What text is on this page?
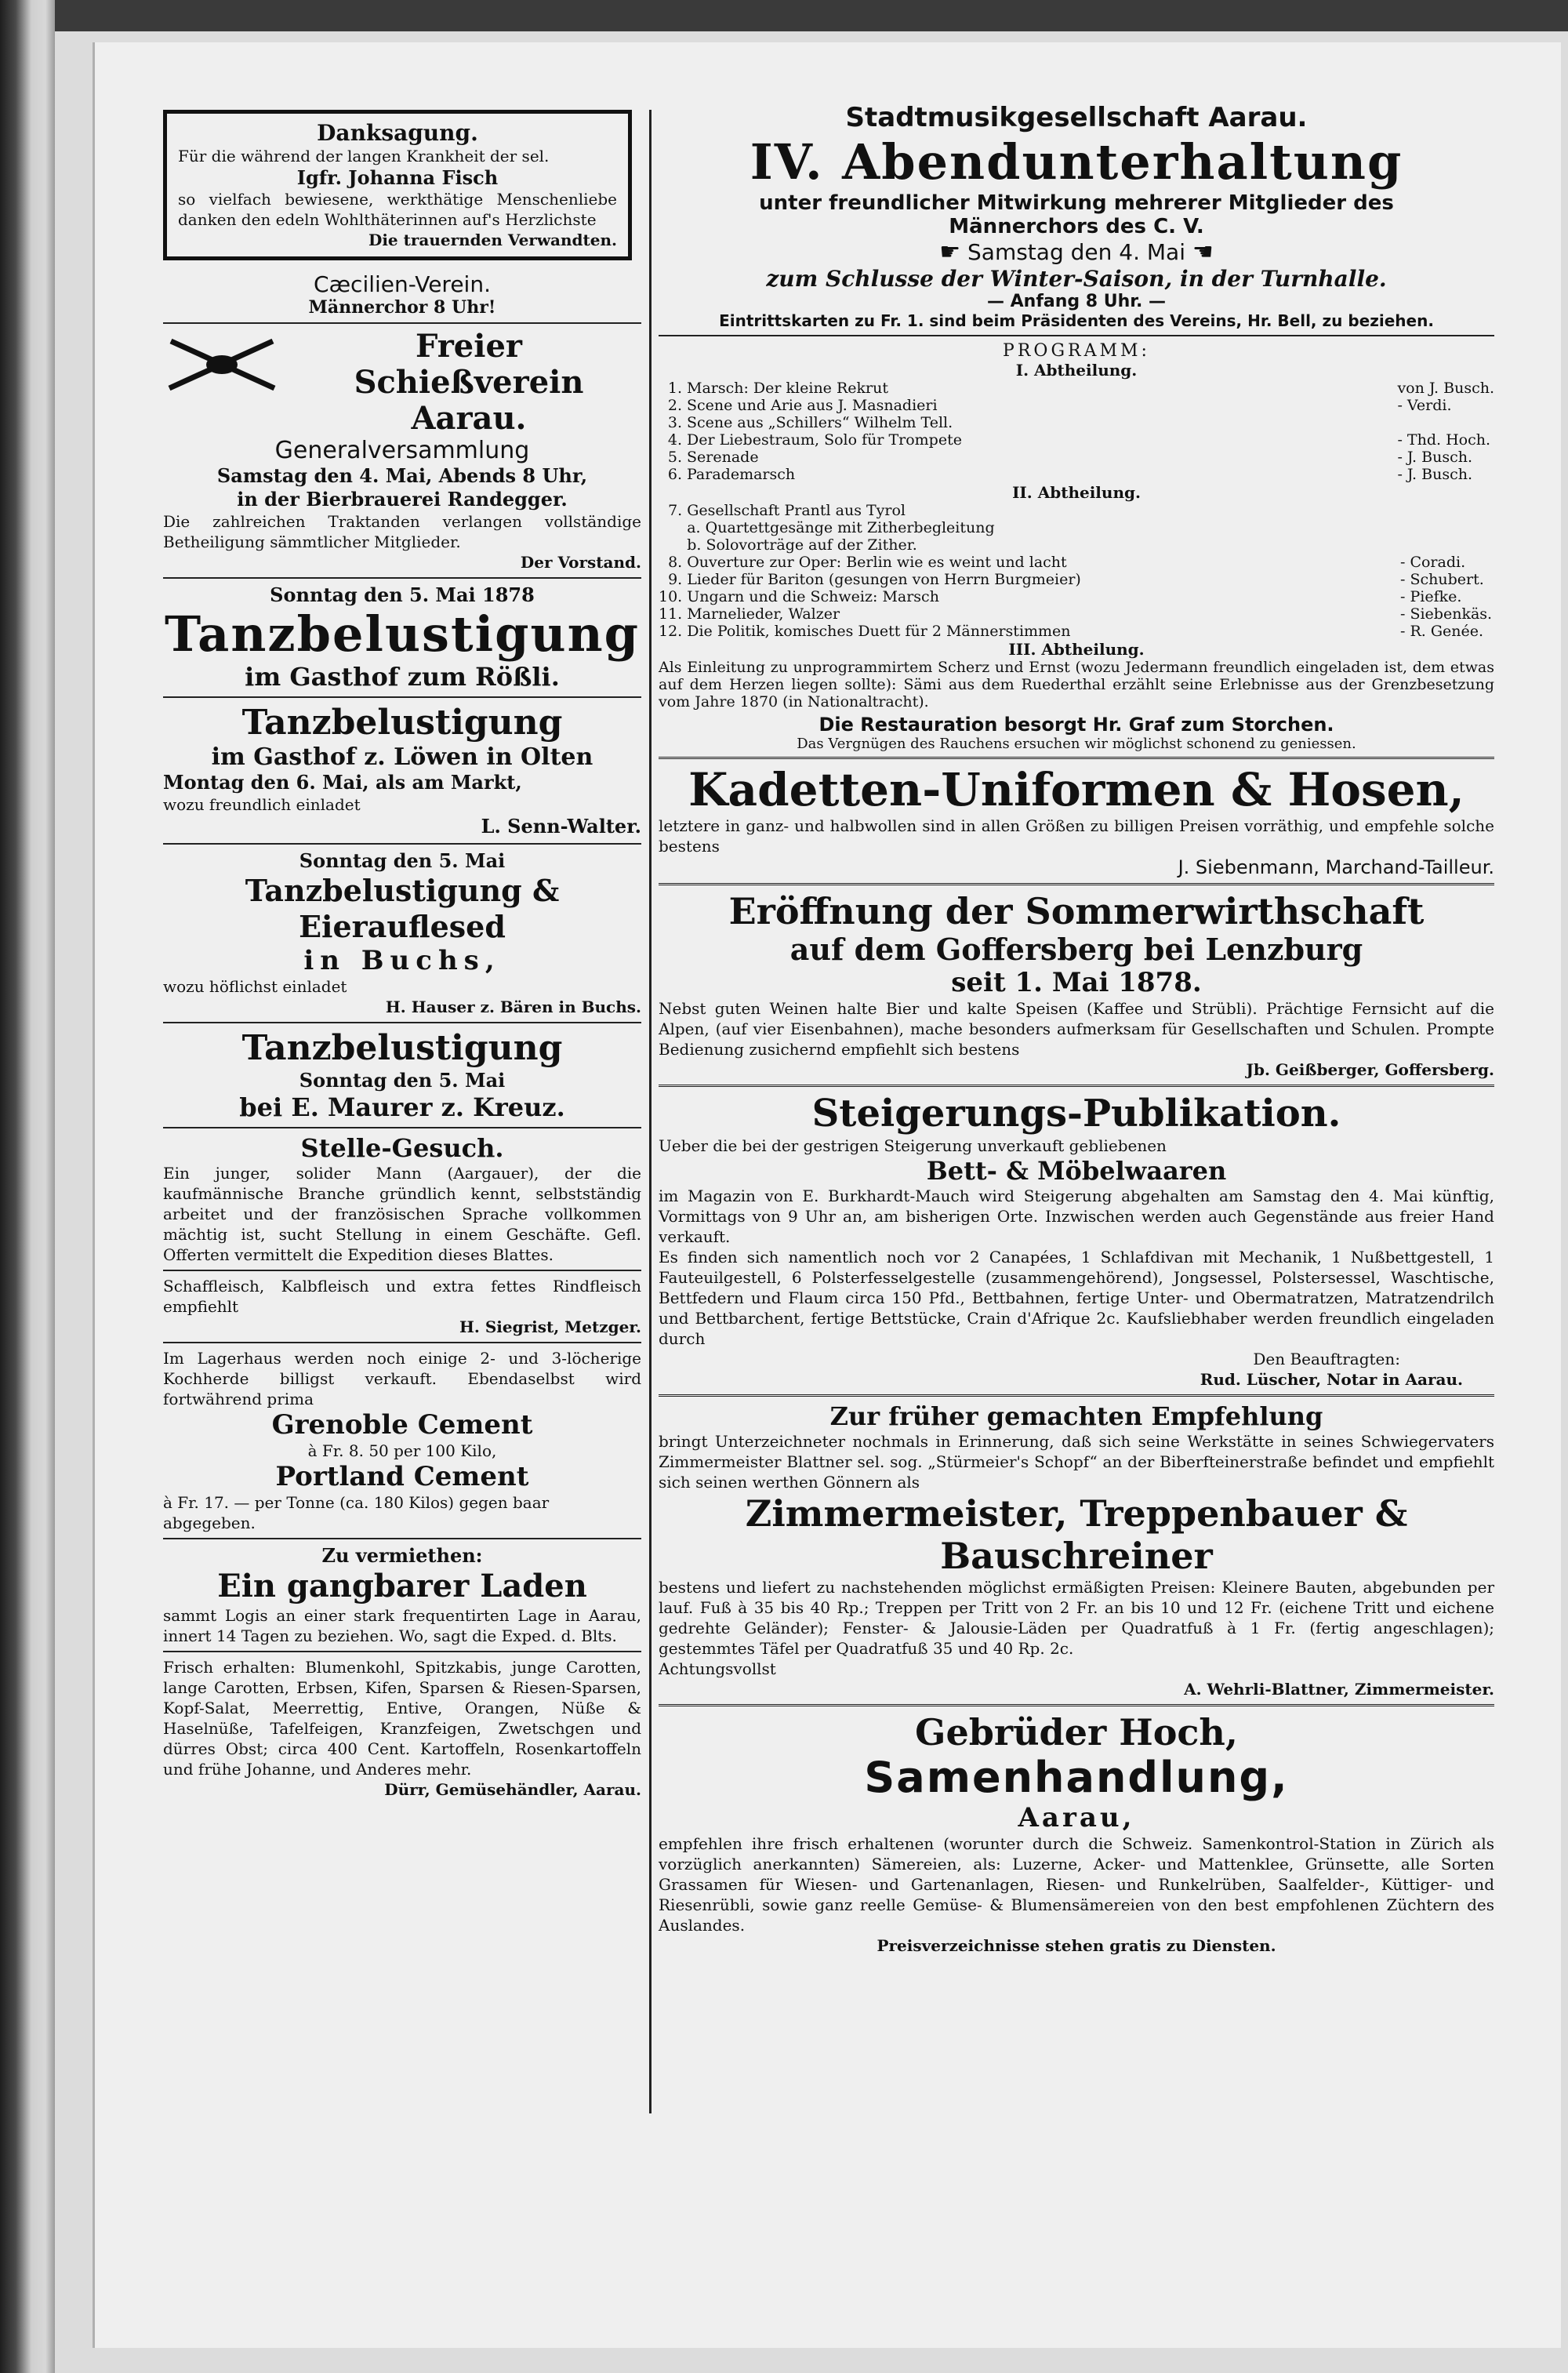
Danksagung.
Für die während der langen Krankheit der sel.
Igfr. Johanna Fisch
so vielfach bewiesene, werkthätige Menschenliebe danken den edeln Wohlthäterinnen auf's Herzlichste
Die trauernden Verwandten.
Cæcilien-Verein.
Männerchor 8 Uhr!
Freier Schießverein
Aarau.
Generalversammlung
Samstag den 4. Mai, Abends 8 Uhr,
in der Bierbrauerei Randegger.
Die zahlreichen Traktanden verlangen vollständige Betheiligung sämmtlicher Mitglieder.
Der Vorstand.
Sonntag den 5. Mai 1878
Tanzbelustigung
im Gasthof zum Rößli.
Tanzbelustigung
im Gasthof z. Löwen in Olten
Montag den 6. Mai, als am Markt,
wozu freundlich einladet
L. Senn-Walter.
Sonntag den 5. Mai
Tanzbelustigung & Eierauflesed
in Buchs,
wozu höflichst einladet
H. Hauser z. Bären in Buchs.
Tanzbelustigung
Sonntag den 5. Mai
bei E. Maurer z. Kreuz.
Stelle-Gesuch.
Ein junger, solider Mann (Aargauer), der die kaufmännische Branche gründlich kennt, selbstständig arbeitet und der französischen Sprache vollkommen mächtig ist, sucht Stellung in einem Geschäfte. Gefl. Offerten vermittelt die Expedition dieses Blattes.
Schaffleisch, Kalbfleisch und extra fettes Rindfleisch empfiehlt
H. Siegrist, Metzger.
Im Lagerhaus werden noch einige 2- und 3-löcherige Kochherde billigst verkauft. Ebendaselbst wird fortwährend prima
Grenoble Cement
à Fr. 8. 50 per 100 Kilo,
Portland Cement
à Fr. 17. — per Tonne (ca. 180 Kilos) gegen baar abgegeben.
Zu vermiethen:
Ein gangbarer Laden
sammt Logis an einer stark frequentirten Lage in Aarau, innert 14 Tagen zu beziehen. Wo, sagt die Exped. d. Blts.
Frisch erhalten: Blumenkohl, Spitzkabis, junge Carotten, lange Carotten, Erbsen, Kifen, Sparsen & Riesen-Sparsen, Kopf-Salat, Meerrettig, Entive, Orangen, Nüße & Haselnüße, Tafelfeigen, Kranzfeigen, Zwetschgen und dürres Obst; circa 400 Cent. Kartoffeln, Rosenkartoffeln und frühe Johanne, und Anderes mehr.
Dürr, Gemüsehändler, Aarau.
Stadtmusikgesellschaft Aarau.
IV. Abendunterhaltung
unter freundlicher Mitwirkung mehrerer Mitglieder des
Männerchors des C. V.
☛ Samstag den 4. Mai ☚
zum Schlusse der Winter-Saison, in der Turnhalle.
— Anfang 8 Uhr. —
Eintrittskarten zu Fr. 1. sind beim Präsidenten des Vereins, Hr. Bell, zu beziehen.
PROGRAMM:
I. Abtheilung.
1.	Marsch: Der kleine Rekrut	von J. Busch.
2.	Scene und Arie aus J. Masnadieri	- Verdi.
3.	Scene aus „Schillers“ Wilhelm Tell.	
4.	Der Liebestraum, Solo für Trompete	- Thd. Hoch.
5.	Serenade	- J. Busch.
6.	Parademarsch	- J. Busch.
II. Abtheilung.
7.	Gesellschaft Prantl aus Tyrol	
	a. Quartettgesänge mit Zitherbegleitung	
	b. Solovorträge auf der Zither.	
8.	Ouverture zur Oper: Berlin wie es weint und lacht	- Coradi.
9.	Lieder für Bariton (gesungen von Herrn Burgmeier)	- Schubert.
10.	Ungarn und die Schweiz: Marsch	- Piefke.
11.	Marnelieder, Walzer	- Siebenkäs.
12.	Die Politik, komisches Duett für 2 Männerstimmen	- R. Genée.
III. Abtheilung.
Als Einleitung zu unprogrammirtem Scherz und Ernst (wozu Jedermann freundlich eingeladen ist, dem etwas auf dem Herzen liegen sollte): Sämi aus dem Ruederthal erzählt seine Erlebnisse aus der Grenzbesetzung vom Jahre 1870 (in Nationaltracht).
Die Restauration besorgt Hr. Graf zum Storchen.
Das Vergnügen des Rauchens ersuchen wir möglichst schonend zu geniessen.
Kadetten-Uniformen & Hosen,
letztere in ganz- und halbwollen sind in allen Größen zu billigen Preisen vorräthig, und empfehle solche bestens
J. Siebenmann, Marchand-Tailleur.
Eröffnung der Sommerwirthschaft
auf dem Goffersberg bei Lenzburg
seit 1. Mai 1878.
Nebst guten Weinen halte Bier und kalte Speisen (Kaffee und Strübli). Prächtige Fernsicht auf die Alpen, (auf vier Eisenbahnen), mache besonders aufmerksam für Gesellschaften und Schulen. Prompte Bedienung zusichernd empfiehlt sich bestens
Jb. Geißberger, Goffersberg.
Steigerungs-Publikation.
Ueber die bei der gestrigen Steigerung unverkauft gebliebenen
Bett- & Möbelwaaren
im Magazin von E. Burkhardt-Mauch wird Steigerung abgehalten am Samstag den 4. Mai künftig, Vormittags von 9 Uhr an, am bisherigen Orte. Inzwischen werden auch Gegenstände aus freier Hand verkauft.
Es finden sich namentlich noch vor 2 Canapées, 1 Schlafdivan mit Mechanik, 1 Nußbettgestell, 1 Fauteuilgestell, 6 Polsterfesselgestelle (zusammengehörend), Jongsessel, Polstersessel, Waschtische, Bettfedern und Flaum circa 150 Pfd., Bettbahnen, fertige Unter- und Obermatratzen, Matratzendrilch und Bettbarchent, fertige Bettstücke, Crain d'Afrique 2c. Kaufsliebhaber werden freundlich eingeladen durch
Den Beauftragten:
Rud. Lüscher, Notar in Aarau.
Zur früher gemachten Empfehlung
bringt Unterzeichneter nochmals in Erinnerung, daß sich seine Werkstätte in seines Schwiegervaters Zimmermeister Blattner sel. sog. „Stürmeier's Schopf“ an der Biberfteinerstraße befindet und empfiehlt sich seinen werthen Gönnern als
Zimmermeister, Treppenbauer & Bauschreiner
bestens und liefert zu nachstehenden möglichst ermäßigten Preisen: Kleinere Bauten, abgebunden per lauf. Fuß à 35 bis 40 Rp.; Treppen per Tritt von 2 Fr. an bis 10 und 12 Fr. (eichene Tritt und eichene gedrehte Geländer); Fenster- & Jalousie-Läden per Quadratfuß à 1 Fr. (fertig angeschlagen); gestemmtes Täfel per Quadratfuß 35 und 40 Rp. 2c.
Achtungsvollst
A. Wehrli-Blattner, Zimmermeister.
Gebrüder Hoch,
Samenhandlung,
Aarau,
empfehlen ihre frisch erhaltenen (worunter durch die Schweiz. Samenkontrol-Station in Zürich als vorzüglich anerkannten) Sämereien, als: Luzerne, Acker- und Mattenklee, Grünsette, alle Sorten Grassamen für Wiesen- und Gartenanlagen, Riesen- und Runkelrüben, Saalfelder-, Küttiger- und Riesenrübli, sowie ganz reelle Gemüse- & Blumensämereien von den best empfohlenen Züchtern des Auslandes.
Preisverzeichnisse stehen gratis zu Diensten.
